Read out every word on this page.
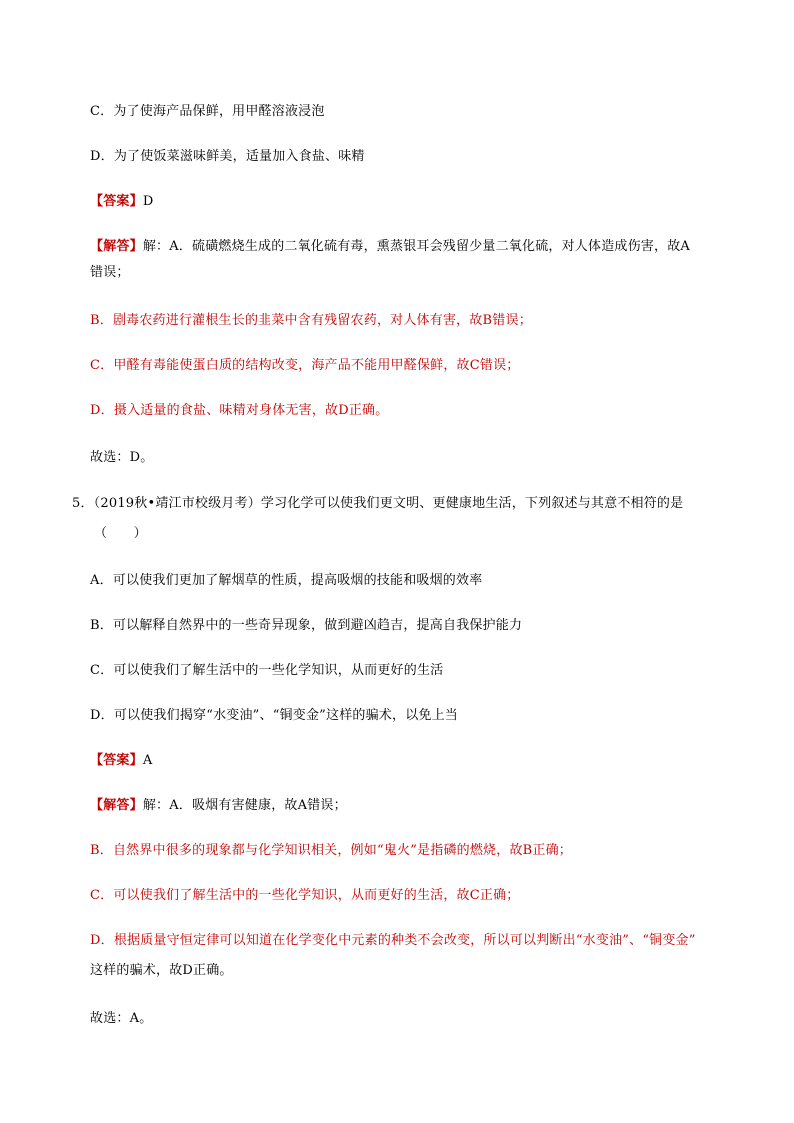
C．为了使海产品保鲜，用甲醛溶液浸泡
D．为了使饭菜滋味鲜美，适量加入食盐、味精
【答案】D
【解答】解：A．硫磺燃烧生成的二氧化硫有毒，熏蒸银耳会残留少量二氧化硫，对人体造成伤害，故A
错误；
B．剧毒农药进行灌根生长的韭菜中含有残留农药，对人体有害，故B错误；
C．甲醛有毒能使蛋白质的结构改变，海产品不能用甲醛保鲜，故C错误；
D．摄入适量的食盐、味精对身体无害，故D正确。
故选：D。
5．（2019秋•靖江市校级月考）学习化学可以使我们更文明、更健康地生活，下列叙述与其意不相符的是
（　　）
A．可以使我们更加了解烟草的性质，提高吸烟的技能和吸烟的效率
B．可以解释自然界中的一些奇异现象，做到避凶趋吉，提高自我保护能力
C．可以使我们了解生活中的一些化学知识，从而更好的生活
D．可以使我们揭穿“水变油”、“铜变金”这样的骗术，以免上当
【答案】A
【解答】解：A．吸烟有害健康，故A错误；
B．自然界中很多的现象都与化学知识相关，例如“鬼火”是指磷的燃烧，故B正确；
C．可以使我们了解生活中的一些化学知识，从而更好的生活，故C正确；
D．根据质量守恒定律可以知道在化学变化中元素的种类不会改变，所以可以判断出“水变油”、“铜变金”
这样的骗术，故D正确。
故选：A。
